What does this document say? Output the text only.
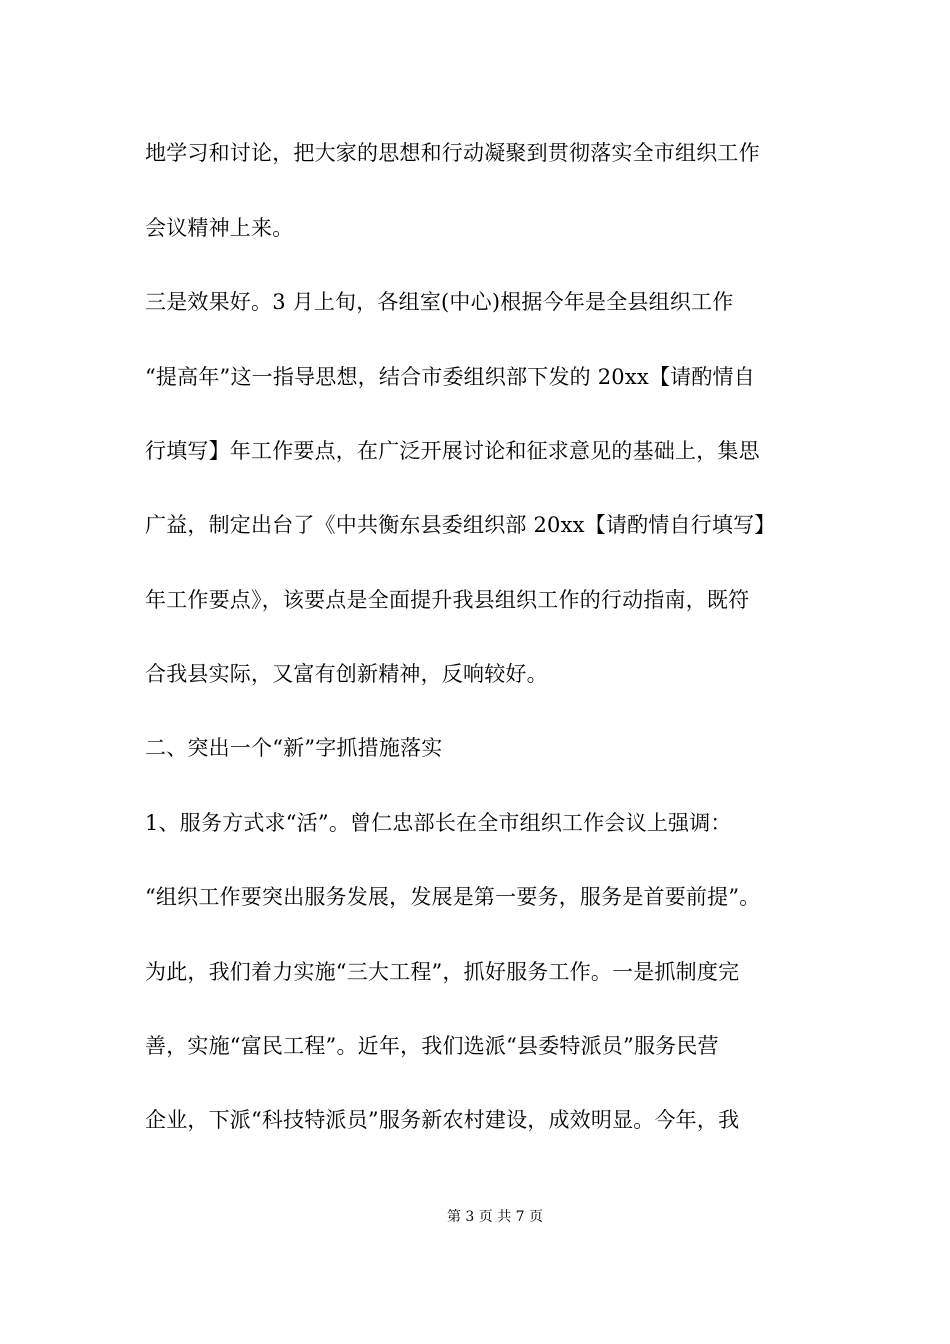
地学习和讨论，把大家的思想和行动凝聚到贯彻落实全市组织工作
会议精神上来。
三是效果好。3 月上旬，各组室(中心)根据今年是全县组织工作
“提高年”这一指导思想，结合市委组织部下发的 20xx【请酌情自
行填写】年工作要点，在广泛开展讨论和征求意见的基础上，集思
广益，制定出台了《中共衡东县委组织部 20xx【请酌情自行填写】
年工作要点》，该要点是全面提升我县组织工作的行动指南，既符
合我县实际，又富有创新精神，反响较好。
二、突出一个“新”字抓措施落实
1、服务方式求“活”。曾仁忠部长在全市组织工作会议上强调：
“组织工作要突出服务发展，发展是第一要务，服务是首要前提”。
为此，我们着力实施“三大工程”，抓好服务工作。一是抓制度完
善，实施“富民工程”。近年，我们选派“县委特派员”服务民营
企业，下派“科技特派员”服务新农村建设，成效明显。今年，我
第 3 页 共 7 页
